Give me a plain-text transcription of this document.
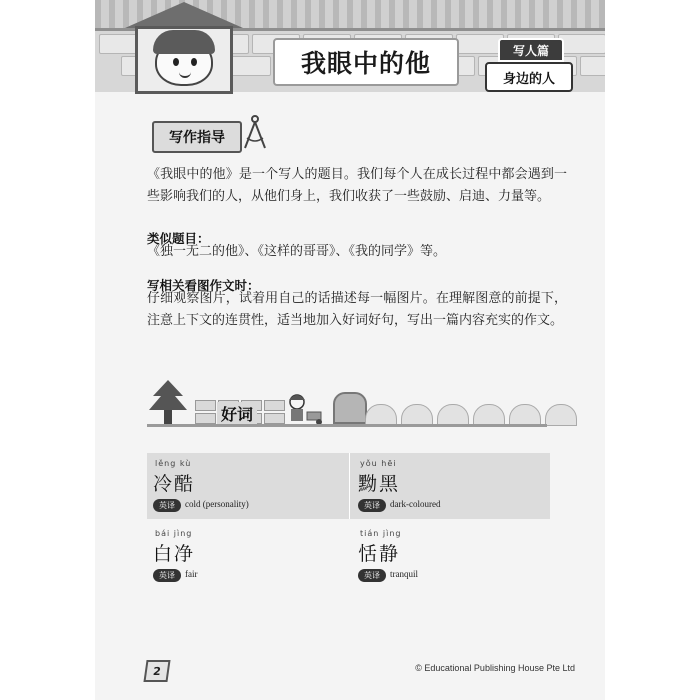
我眼中的他	写人篇
身边的人
写作指导
《我眼中的他》是一个写人的题目。我们每个人在成长过程中都会遇到一些影响我们的人，从他们身上，我们收获了一些鼓励、启迪、力量等。
类似题目：
《独一无二的他》、《这样的哥哥》、《我的同学》等。
写相关看图作文时：
仔细观察图片，试着用自己的话描述每一幅图片。在理解图意的前提下，注意上下文的连贯性，适当地加入好词好句，写出一篇内容充实的作文。
好词
lěng kù
冷酷
英译	cold (personality)
yǒu hēi
黝黑
英译	dark-coloured
bái jìng
白净
英译	fair
tián jìng
恬静
英译	tranquil
2	© Educational Publishing House Pte Ltd
